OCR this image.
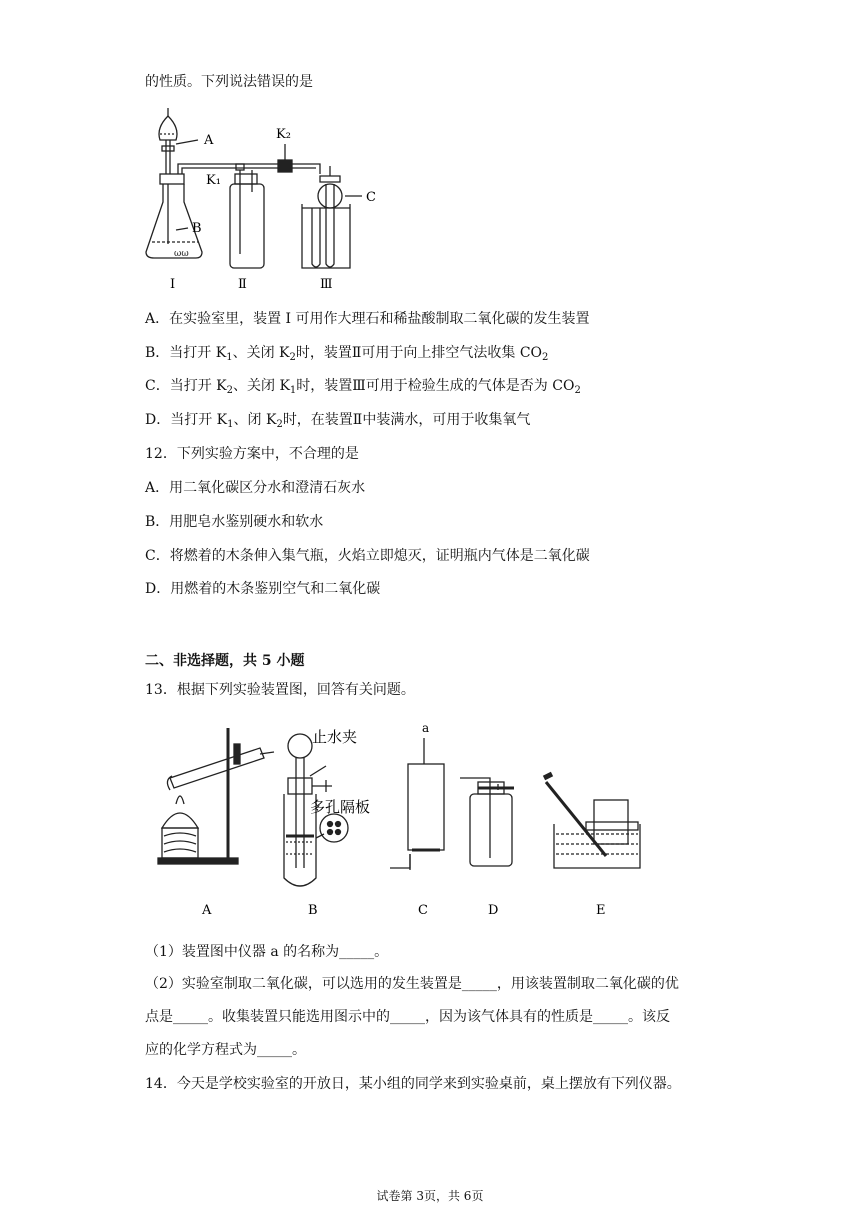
的性质。下列说法错误的是
ωω
A
B
C
K₁
K₂
Ⅰ	Ⅱ	Ⅲ
A．在实验室里，装置 Ⅰ 可用作大理石和稀盐酸制取二氧化碳的发生装置
B．当打开 $K_1$、关闭 $K_2$时，装置Ⅱ可用于向上排空气法收集 $CO_2$
C．当打开 $K_2$、关闭 $K_1$时，装置Ⅲ可用于检验生成的气体是否为 $CO_2$
D．当打开 $K_1$、闭 $K_2$时，在装置Ⅱ中装满水，可用于收集氧气
12．下列实验方案中，不合理的是
A．用二氧化碳区分水和澄清石灰水
B．用肥皂水鉴别硬水和软水
C．将燃着的木条伸入集气瓶，火焰立即熄灭，证明瓶内气体是二氧化碳
D．用燃着的木条鉴别空气和二氧化碳
二、非选择题，共 5 小题
13．根据下列实验装置图，回答有关问题。
止水夹
多孔隔板
a
A	B	C	D	E
（1）装置图中仪器 a 的名称为_____。
（2）实验室制取二氧化碳，可以选用的发生装置是_____，用该装置制取二氧化碳的优
点是_____。收集装置只能选用图示中的_____，因为该气体具有的性质是_____。该反
应的化学方程式为_____。
14．今天是学校实验室的开放日，某小组的同学来到实验桌前，桌上摆放有下列仪器。
试卷第 3页，共 6页
